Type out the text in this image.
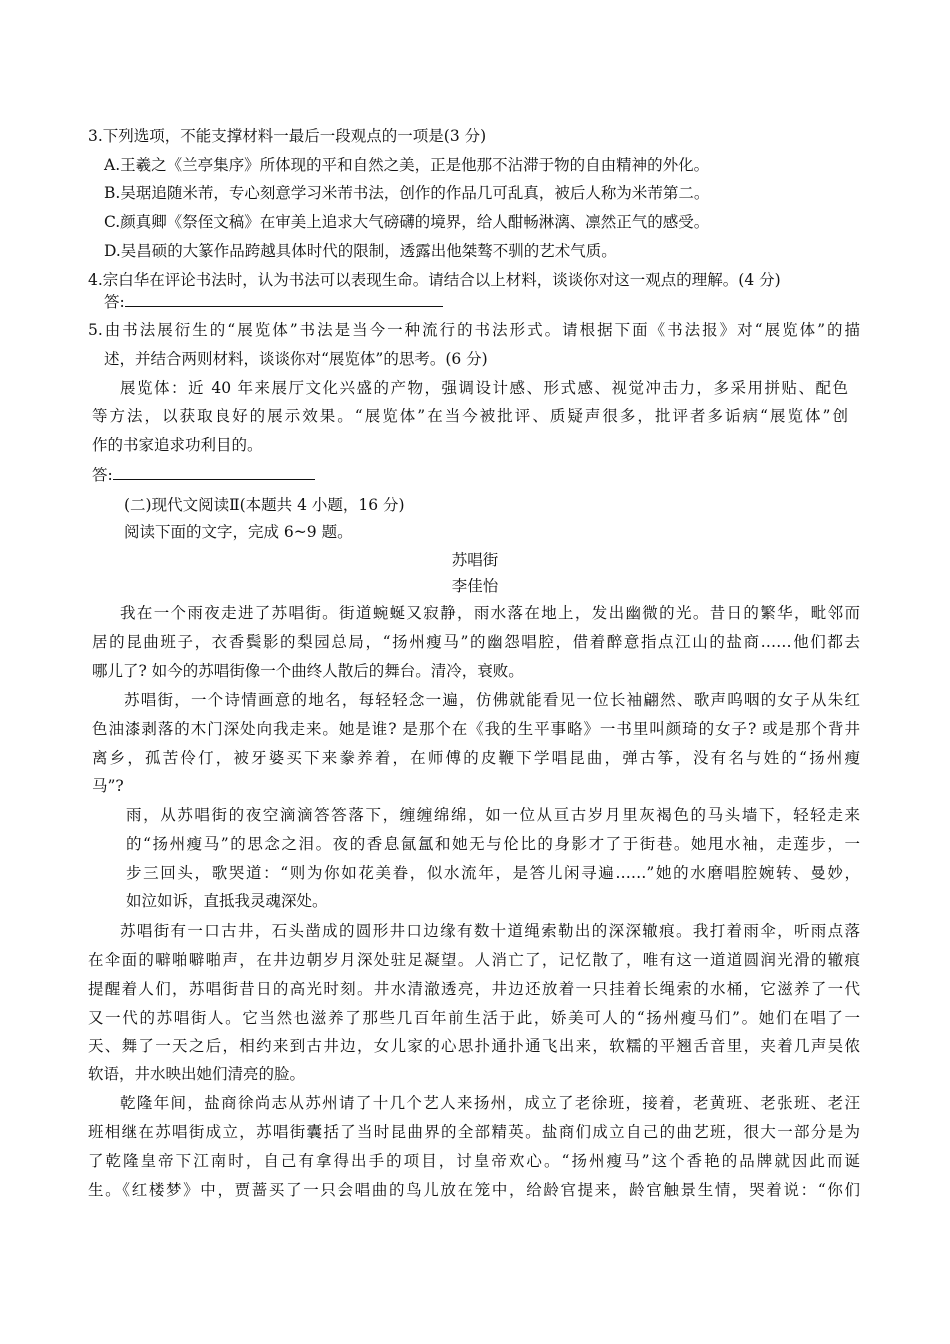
3.下列选项，不能支撑材料一最后一段观点的一项是(3 分)
A.王羲之《兰亭集序》所体现的平和自然之美，正是他那不沾滞于物的自由精神的外化。
B.吴琚追随米芾，专心刻意学习米芾书法，创作的作品几可乱真，被后人称为米芾第二。
C.颜真卿《祭侄文稿》在审美上追求大气磅礴的境界，给人酣畅淋漓、凛然正气的感受。
D.吴昌硕的大篆作品跨越具体时代的限制，透露出他桀骜不驯的艺术气质。
4.宗白华在评论书法时，认为书法可以表现生命。请结合以上材料，谈谈你对这一观点的理解。(4 分)
答:
5.由书法展衍生的“展览体”书法是当今一种流行的书法形式。请根据下面《书法报》对“展览体”的描
述，并结合两则材料，谈谈你对“展览体”的思考。(6 分)
展览体：近 40 年来展厅文化兴盛的产物，强调设计感、形式感、视觉冲击力，多采用拼贴、配色
等方法，以获取良好的展示效果。“展览体”在当今被批评、质疑声很多，批评者多诟病“展览体”创
作的书家追求功利目的。
答:
(二)现代文阅读Ⅱ(本题共 4 小题，16 分)
阅读下面的文字，完成 6~9 题。
苏唱街
李佳怡
我在一个雨夜走进了苏唱街。街道蜿蜒又寂静，雨水落在地上，发出幽微的光。昔日的繁华，毗邻而
居的昆曲班子，衣香鬓影的梨园总局，“扬州瘦马”的幽怨唱腔，借着醉意指点江山的盐商……他们都去
哪儿了? 如今的苏唱街像一个曲终人散后的舞台。清冷，衰败。
苏唱街，一个诗情画意的地名，每轻轻念一遍，仿佛就能看见一位长袖翩然、歌声呜咽的女子从朱红
色油漆剥落的木门深处向我走来。她是谁? 是那个在《我的生平事略》一书里叫颜琦的女子? 或是那个背井
离乡，孤苦伶仃，被牙婆买下来豢养着，在师傅的皮鞭下学唱昆曲，弹古筝，没有名与姓的“扬州瘦
马”?
雨，从苏唱街的夜空滴滴答答落下，缠缠绵绵，如一位从亘古岁月里灰褐色的马头墙下，轻轻走来
的“扬州瘦马”的思念之泪。夜的香息氤氲和她无与伦比的身影才了于街巷。她甩水袖，走莲步，一
步三回头，歌哭道：“则为你如花美眷，似水流年，是答儿闲寻遍……”她的水磨唱腔婉转、曼妙，
如泣如诉，直抵我灵魂深处。
苏唱街有一口古井，石头凿成的圆形井口边缘有数十道绳索勒出的深深辙痕。我打着雨伞，听雨点落
在伞面的噼啪噼啪声，在井边朝岁月深处驻足凝望。人消亡了，记忆散了，唯有这一道道圆润光滑的辙痕
提醒着人们，苏唱街昔日的高光时刻。井水清澈透亮，井边还放着一只挂着长绳索的水桶，它滋养了一代
又一代的苏唱街人。它当然也滋养了那些几百年前生活于此，娇美可人的“扬州瘦马们”。她们在唱了一
天、舞了一天之后，相约来到古井边，女儿家的心思扑通扑通飞出来，软糯的平翘舌音里，夹着几声吴侬
软语，井水映出她们清亮的脸。
乾隆年间，盐商徐尚志从苏州请了十几个艺人来扬州，成立了老徐班，接着，老黄班、老张班、老汪
班相继在苏唱街成立，苏唱街囊括了当时昆曲界的全部精英。盐商们成立自己的曲艺班，很大一部分是为
了乾隆皇帝下江南时，自己有拿得出手的项目，讨皇帝欢心。“扬州瘦马”这个香艳的品牌就因此而诞
生。《红楼梦》中，贾蔷买了一只会唱曲的鸟儿放在笼中，给龄官提来，龄官触景生情，哭着说：“你们
